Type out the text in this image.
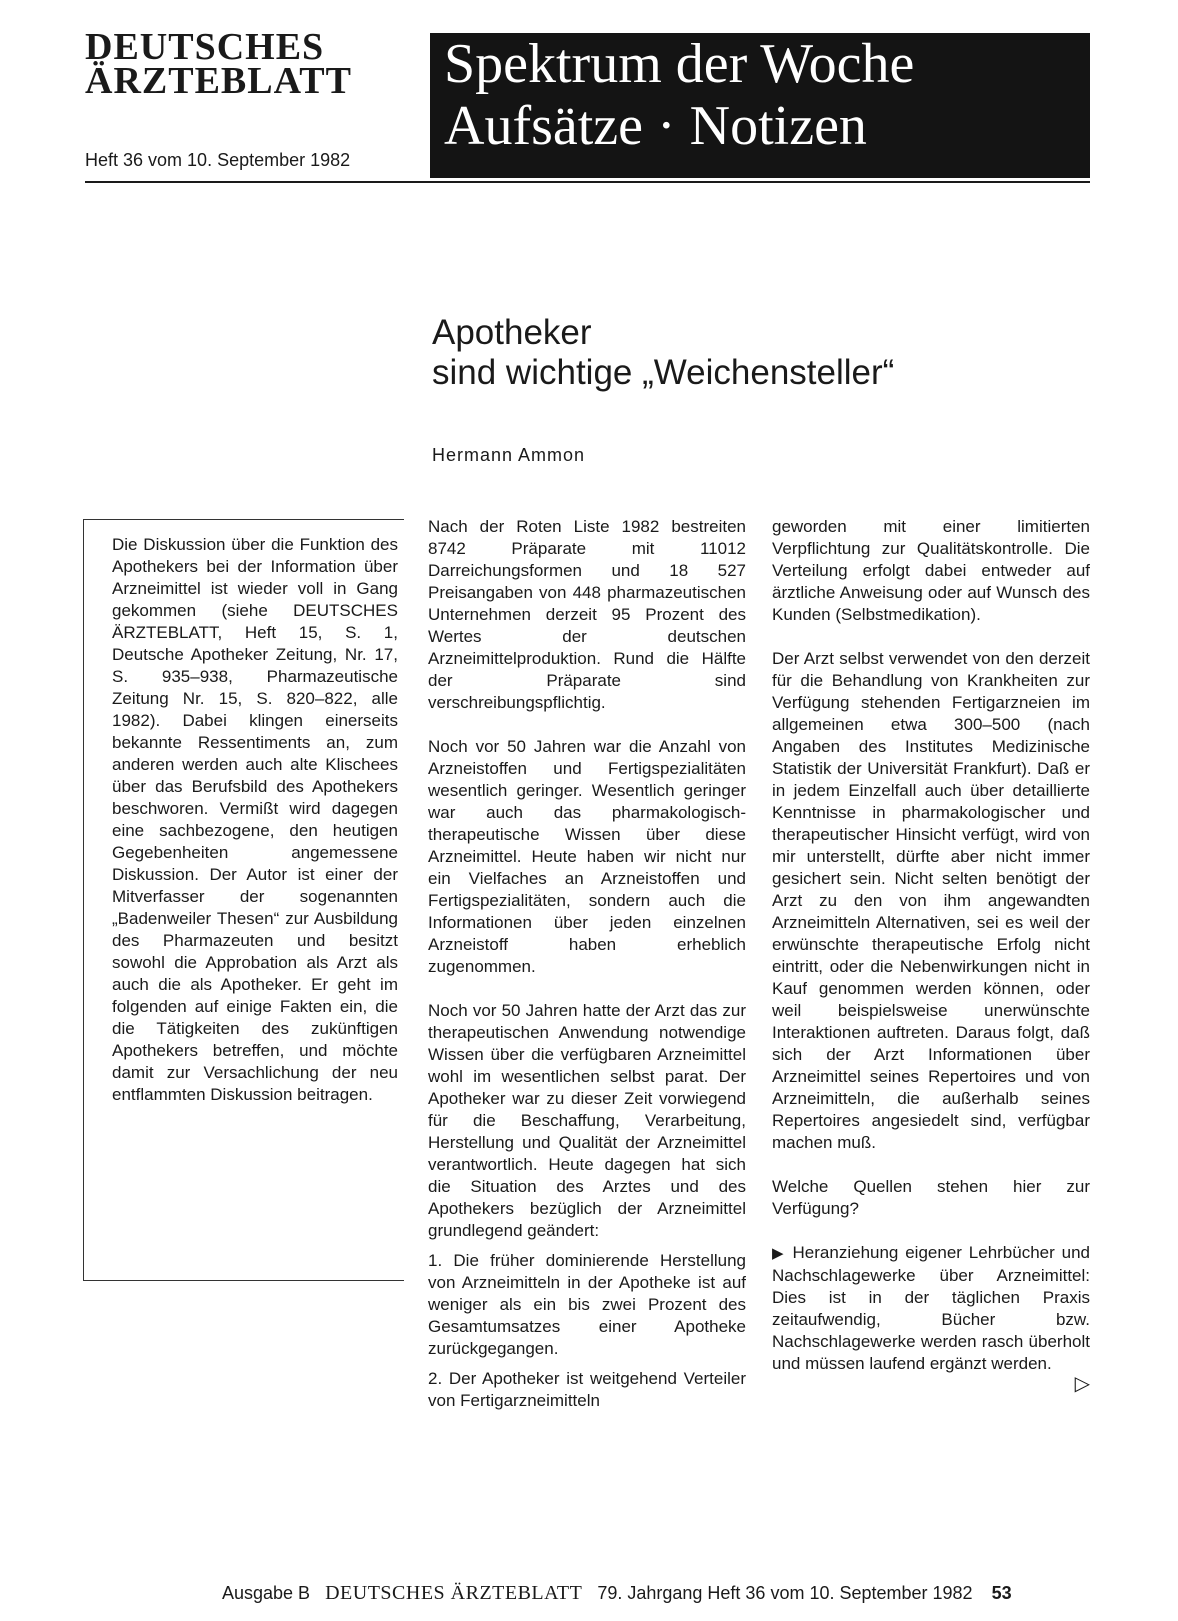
DEUTSCHES
ÄRZTEBLATT
Heft 36 vom 10. September 1982
Spektrum der Woche
Aufsätze · Notizen
Apotheker
sind wichtige „Weichensteller“
Hermann Ammon

Die Diskussion über die Funktion des Apothekers bei der Information über Arzneimittel ist wieder voll in Gang gekommen (siehe DEUTSCHES ÄRZTEBLATT, Heft 15, S. 1, Deutsche Apotheker Zeitung, Nr. 17, S. 935–938, Pharmazeutische Zeitung Nr. 15, S. 820–822, alle 1982). Dabei klingen einerseits bekannte Ressentiments an, zum anderen werden auch alte Klischees über das Berufsbild des Apothekers beschworen. Vermißt wird dagegen eine sachbezogene, den heutigen Gegebenheiten angemessene Diskussion. Der Autor ist einer der Mitverfasser der sogenannten „Badenweiler Thesen“ zur Ausbildung des Pharmazeuten und besitzt sowohl die Approbation als Arzt als auch die als Apotheker. Er geht im folgenden auf einige Fakten ein, die die Tätigkeiten des zukünftigen Apothekers betreffen, und möchte damit zur Versachlichung der neu entflammten Diskussion beitragen.

Nach der Roten Liste 1982 bestreiten 8742 Präparate mit 11012 Darreichungsformen und 18 527 Preisangaben von 448 pharmazeutischen Unternehmen derzeit 95 Prozent des Wertes der deutschen Arzneimittelproduktion. Rund die Hälfte der Präparate sind verschreibungspflichtig.

Noch vor 50 Jahren war die Anzahl von Arzneistoffen und Fertigspezialitäten wesentlich geringer. Wesentlich geringer war auch das pharmakologisch-therapeutische Wissen über diese Arzneimittel. Heute haben wir nicht nur ein Vielfaches an Arzneistoffen und Fertigspezialitäten, sondern auch die Informationen über jeden einzelnen Arzneistoff haben erheblich zugenommen.

Noch vor 50 Jahren hatte der Arzt das zur therapeutischen Anwendung notwendige Wissen über die verfügbaren Arzneimittel wohl im wesentlichen selbst parat. Der Apotheker war zu dieser Zeit vorwiegend für die Beschaffung, Verarbeitung, Herstellung und Qualität der Arzneimittel verantwortlich. Heute dagegen hat sich die Situation des Arztes und des Apothekers bezüglich der Arzneimittel grundlegend geändert:

1. Die früher dominierende Herstellung von Arzneimitteln in der Apotheke ist auf weniger als ein bis zwei Prozent des Gesamtumsatzes einer Apotheke zurückgegangen.

2. Der Apotheker ist weitgehend Verteiler von Fertigarzneimitteln

geworden mit einer limitierten Verpflichtung zur Qualitätskontrolle. Die Verteilung erfolgt dabei entweder auf ärztliche Anweisung oder auf Wunsch des Kunden (Selbstmedikation).

Der Arzt selbst verwendet von den derzeit für die Behandlung von Krankheiten zur Verfügung stehenden Fertigarzneien im allgemeinen etwa 300–500 (nach Angaben des Institutes Medizinische Statistik der Universität Frankfurt). Daß er in jedem Einzelfall auch über detaillierte Kenntnisse in pharmakologischer und therapeutischer Hinsicht verfügt, wird von mir unterstellt, dürfte aber nicht immer gesichert sein. Nicht selten benötigt der Arzt zu den von ihm angewandten Arzneimitteln Alternativen, sei es weil der erwünschte therapeutische Erfolg nicht eintritt, oder die Nebenwirkungen nicht in Kauf genommen werden können, oder weil beispielsweise unerwünschte Interaktionen auftreten. Daraus folgt, daß sich der Arzt Informationen über Arzneimittel seines Repertoires und von Arzneimitteln, die außerhalb seines Repertoires angesiedelt sind, verfügbar machen muß.

Welche Quellen stehen hier zur Verfügung?

▶ Heranziehung eigener Lehrbücher und Nachschlagewerke über Arzneimittel: Dies ist in der täglichen Praxis zeitaufwendig, Bücher bzw. Nachschlagewerke werden rasch überholt und müssen laufend ergänzt werden.

▷
Ausgabe B DEUTSCHES ÄRZTEBLATT 79. Jahrgang Heft 36 vom 10. September 1982 53
